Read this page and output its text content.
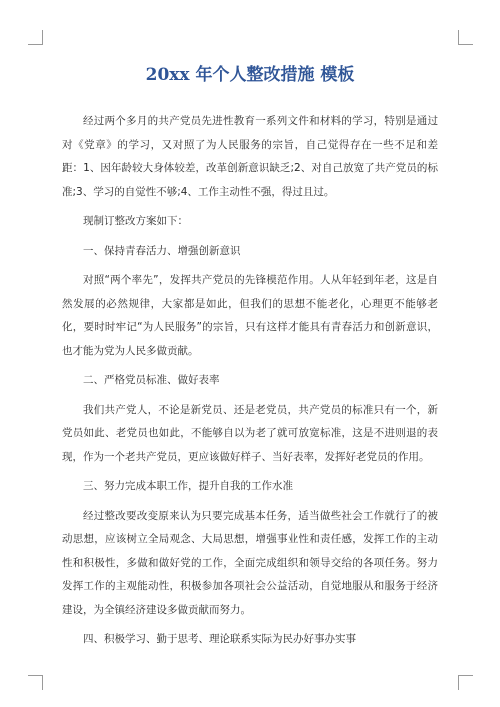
20xx 年个人整改措施 模板

经过两个多月的共产党员先进性教育一系列文件和材料的学习，特别是通过对《党章》的学习，又对照了为人民服务的宗旨，自己觉得存在一些不足和差距：1、因年龄较大身体较差，改革创新意识缺乏;2、对自己放宽了共产党员的标准;3、学习的自觉性不够;4、工作主动性不强，得过且过。

现制订整改方案如下：

一、保持青春活力、增强创新意识

对照“两个率先”，发挥共产党员的先锋模范作用。人从年轻到年老，这是自然发展的必然规律，大家都是如此，但我们的思想不能老化，心理更不能够老化，要时时牢记“为人民服务”的宗旨，只有这样才能具有青春活力和创新意识，也才能为党为人民多做贡献。

二、严格党员标准、做好表率

我们共产党人，不论是新党员、还是老党员，共产党员的标准只有一个，新党员如此、老党员也如此，不能够自以为老了就可放宽标准，这是不进则退的表现，作为一个老共产党员，更应该做好样子、当好表率，发挥好老党员的作用。

三、努力完成本职工作，提升自我的工作水准

经过整改要改变原来认为只要完成基本任务，适当做些社会工作就行了的被动思想，应该树立全局观念、大局思想，增强事业性和责任感，发挥工作的主动性和积极性，多做和做好党的工作，全面完成组织和领导交给的各项任务。努力发挥工作的主观能动性，积极参加各项社会公益活动，自觉地服从和服务于经济建设，为全镇经济建设多做贡献而努力。

四、积极学习、勤于思考、理论联系实际为民办好事办实事
